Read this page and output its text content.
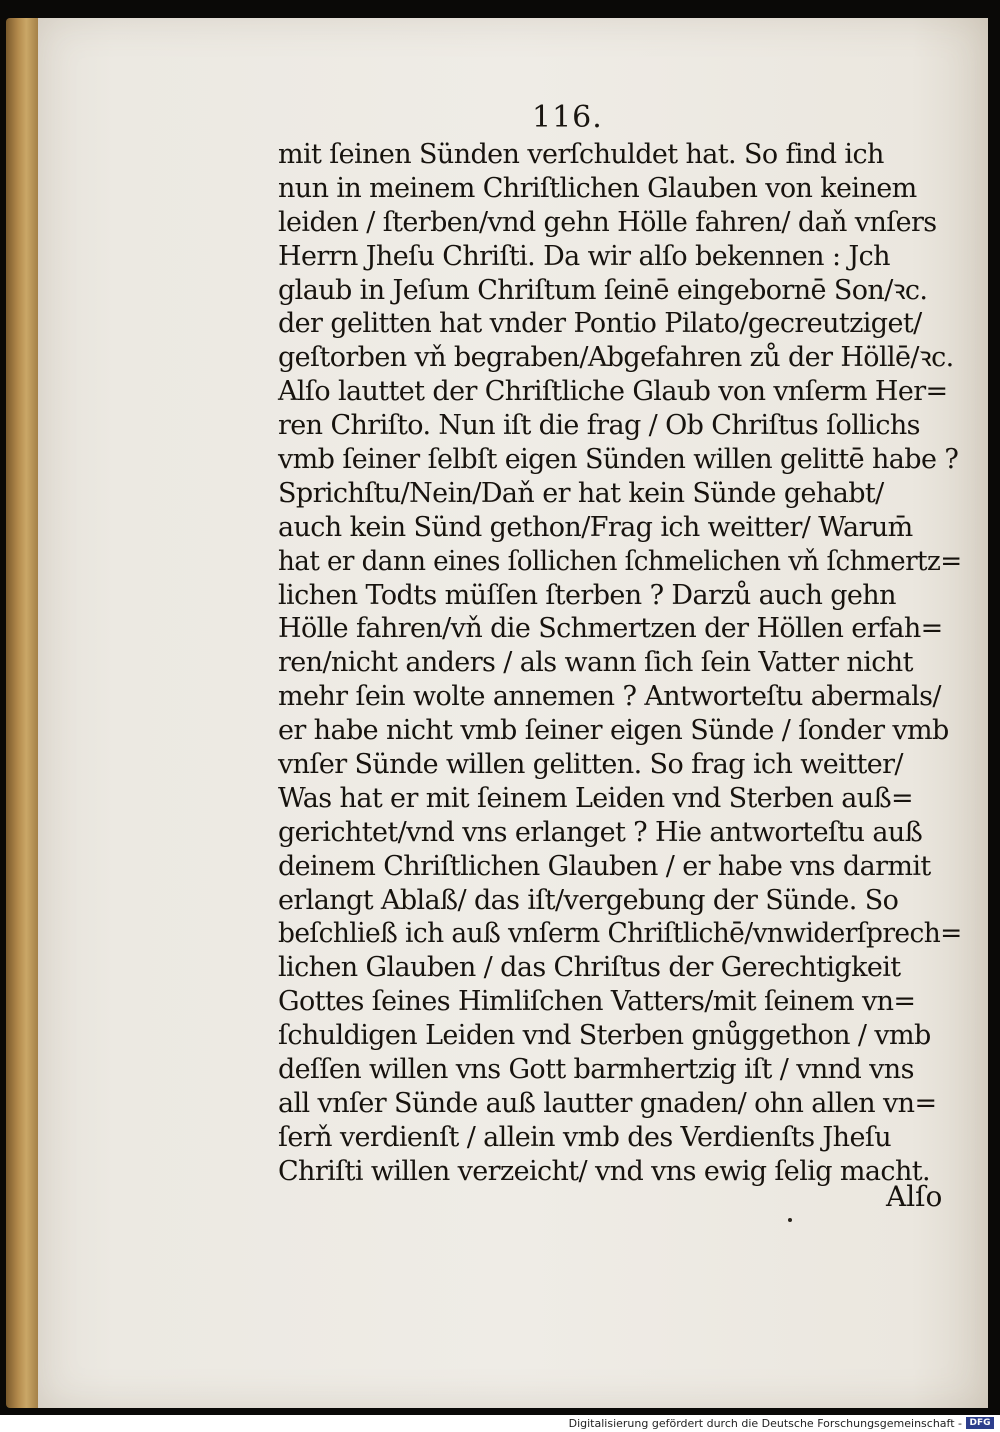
116.
mit ſeinen Sünden verſchuldet hat. So find ich
nun in meinem Chriſtlichen Glauben von keinem
leiden / ſterben/vnd gehn Hölle fahren/ daň vnſers
Herrn Jheſu Chriſti. Da wir alſo bekennen : Jch
glaub in Jeſum Chriſtum ſeinē eingebornē Son/ꝛc.
der gelitten hat vnder Pontio Pilato/gecreutziget/
geſtorben vň begraben/Abgefahren zů der Höllē/ꝛc.
Alſo lauttet der Chriſtliche Glaub von vnſerm Her=
ren Chriſto. Nun iſt die frag / Ob Chriſtus ſollichs
vmb ſeiner ſelbſt eigen Sünden willen gelittē habe ?
Sprichſtu/Nein/Daň er hat kein Sünde gehabt/
auch kein Sünd gethon/Frag ich weitter/ Warum̄
hat er dann eines ſollichen ſchmelichen vň ſchmertz=
lichen Todts müſſen ſterben ? Darzů auch gehn
Hölle fahren/vň die Schmertzen der Höllen erfah=
ren/nicht anders / als wann ſich ſein Vatter nicht
mehr ſein wolte annemen ? Antworteſtu abermals/
er habe nicht vmb ſeiner eigen Sünde / ſonder vmb
vnſer Sünde willen gelitten. So frag ich weitter/
Was hat er mit ſeinem Leiden vnd Sterben auß=
gerichtet/vnd vns erlanget ? Hie antworteſtu auß
deinem Chriſtlichen Glauben / er habe vns darmit
erlangt Ablaß/ das iſt/vergebung der Sünde. So
beſchließ ich auß vnſerm Chriſtlichē/vnwiderſprech=
lichen Glauben / das Chriſtus der Gerechtigkeit
Gottes ſeines Himliſchen Vatters/mit ſeinem vn=
ſchuldigen Leiden vnd Sterben gnůggethon / vmb
deſſen willen vns Gott barmhertzig iſt / vnnd vns
all vnſer Sünde auß lautter gnaden/ ohn allen vn=
ſerň verdienſt / allein vmb des Verdienſts Jheſu
Chriſti willen verzeicht/ vnd vns ewig ſelig macht.
Alſo
Digitalisierung gefördert durch die Deutsche Forschungsgemeinschaft - DFG
